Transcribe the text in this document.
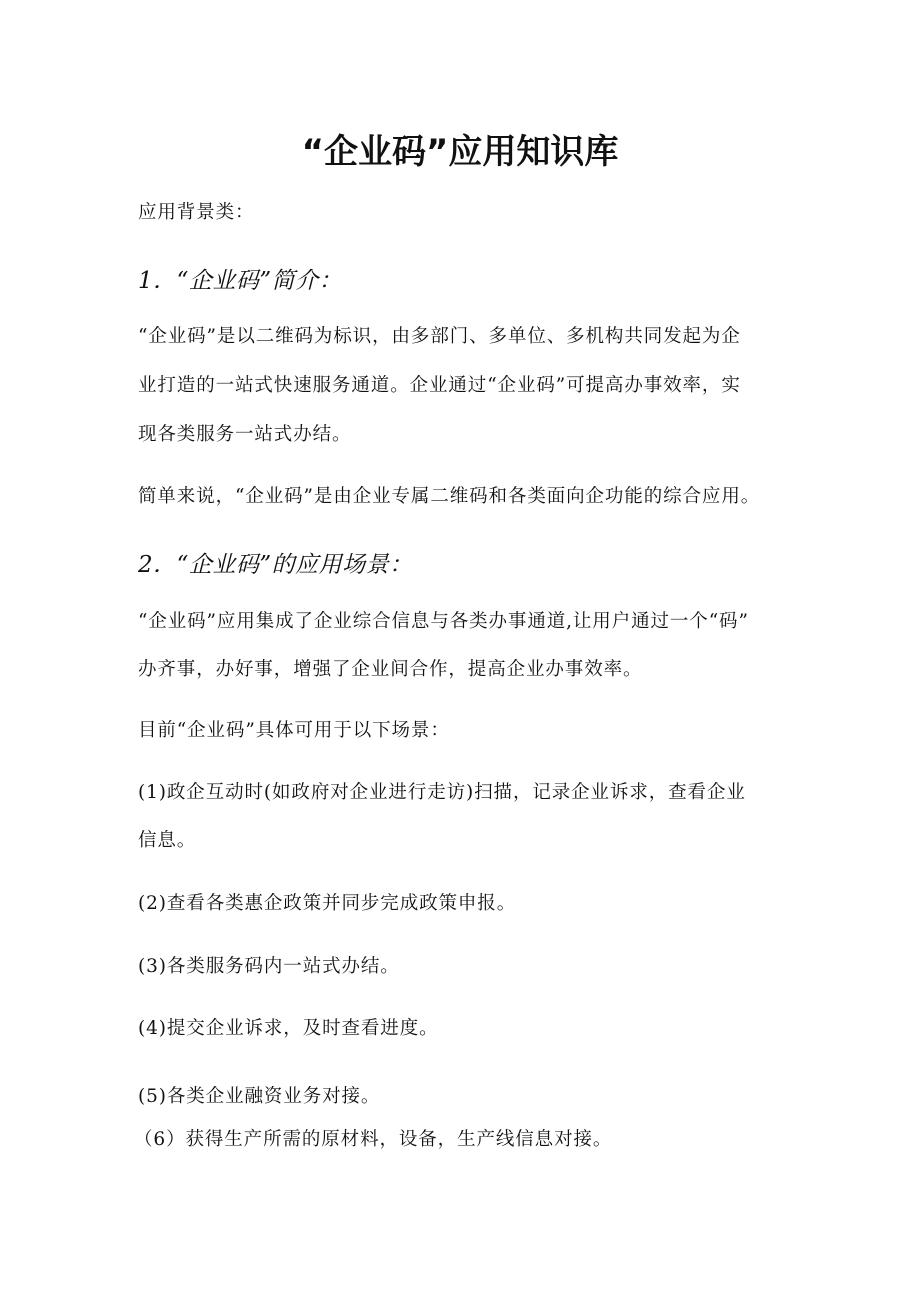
“企业码”应用知识库
应用背景类：
1．“企业码”简介：
“企业码”是以二维码为标识，由多部门、多单位、多机构共同发起为企
业打造的一站式快速服务通道。企业通过“企业码”可提高办事效率，实
现各类服务一站式办结。
简单来说，“企业码”是由企业专属二维码和各类面向企功能的综合应用。
2．“企业码”的应用场景：
“企业码”应用集成了企业综合信息与各类办事通道,让用户通过一个“码”
办齐事，办好事，增强了企业间合作，提高企业办事效率。
目前“企业码”具体可用于以下场景：
(1)政企互动时(如政府对企业进行走访)扫描，记录企业诉求，查看企业
信息。
(2)查看各类惠企政策并同步完成政策申报。
(3)各类服务码内一站式办结。
(4)提交企业诉求，及时查看进度。
(5)各类企业融资业务对接。
（6）获得生产所需的原材料，设备，生产线信息对接。
